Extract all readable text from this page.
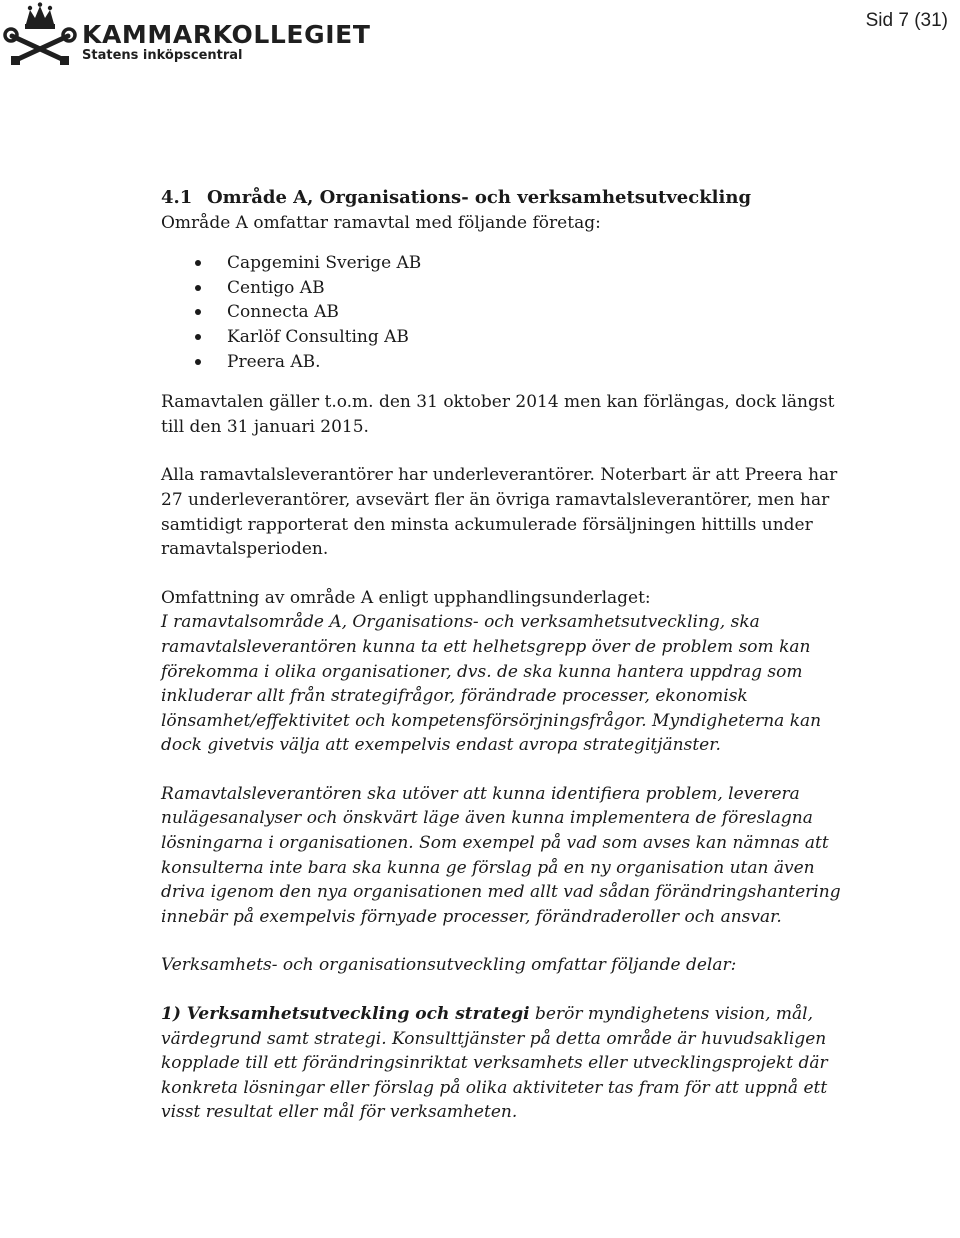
KAMMARKOLLEGIET
Statens inköpscentral
Sid 7 (31)

4.1 Område A, Organisations- och verksamhetsutveckling

Område A omfattar ramavtal med följande företag:

Capgemini Sverige AB
Centigo AB
Connecta AB
Karlöf Consulting AB
Preera AB.

Ramavtalen gäller t.o.m. den 31 oktober 2014 men kan förlängas, dock längst till den 31 januari 2015.

Alla ramavtalsleverantörer har underleverantörer. Noterbart är att Preera har 27 underleverantörer, avsevärt fler än övriga ramavtalsleverantörer, men har samtidigt rapporterat den minsta ackumulerade försäljningen hittills under ramavtalsperioden.

Omfattning av område A enligt upphandlingsunderlaget:

I ramavtalsområde A, Organisations- och verksamhetsutveckling, ska ramavtalsleverantören kunna ta ett helhetsgrepp över de problem som kan förekomma i olika organisationer, dvs. de ska kunna hantera uppdrag som inkluderar allt från strategifrågor, förändrade processer, ekonomisk lönsamhet/effektivitet och kompetensförsörjningsfrågor. Myndigheterna kan dock givetvis välja att exempelvis endast avropa strategitjänster.

Ramavtalsleverantören ska utöver att kunna identifiera problem, leverera nulägesanalyser och önskvärt läge även kunna implementera de föreslagna lösningarna i organisationen. Som exempel på vad som avses kan nämnas att konsulterna inte bara ska kunna ge förslag på en ny organisation utan även driva igenom den nya organisationen med allt vad sådan förändringshantering innebär på exempelvis förnyade processer, förändraderoller och ansvar.

Verksamhets- och organisationsutveckling omfattar följande delar:

1) Verksamhetsutveckling och strategi berör myndighetens vision, mål, värdegrund samt strategi. Konsulttjänster på detta område är huvudsakligen kopplade till ett förändringsinriktat verksamhets eller utvecklingsprojekt där konkreta lösningar eller förslag på olika aktiviteter tas fram för att uppnå ett visst resultat eller mål för verksamheten.
